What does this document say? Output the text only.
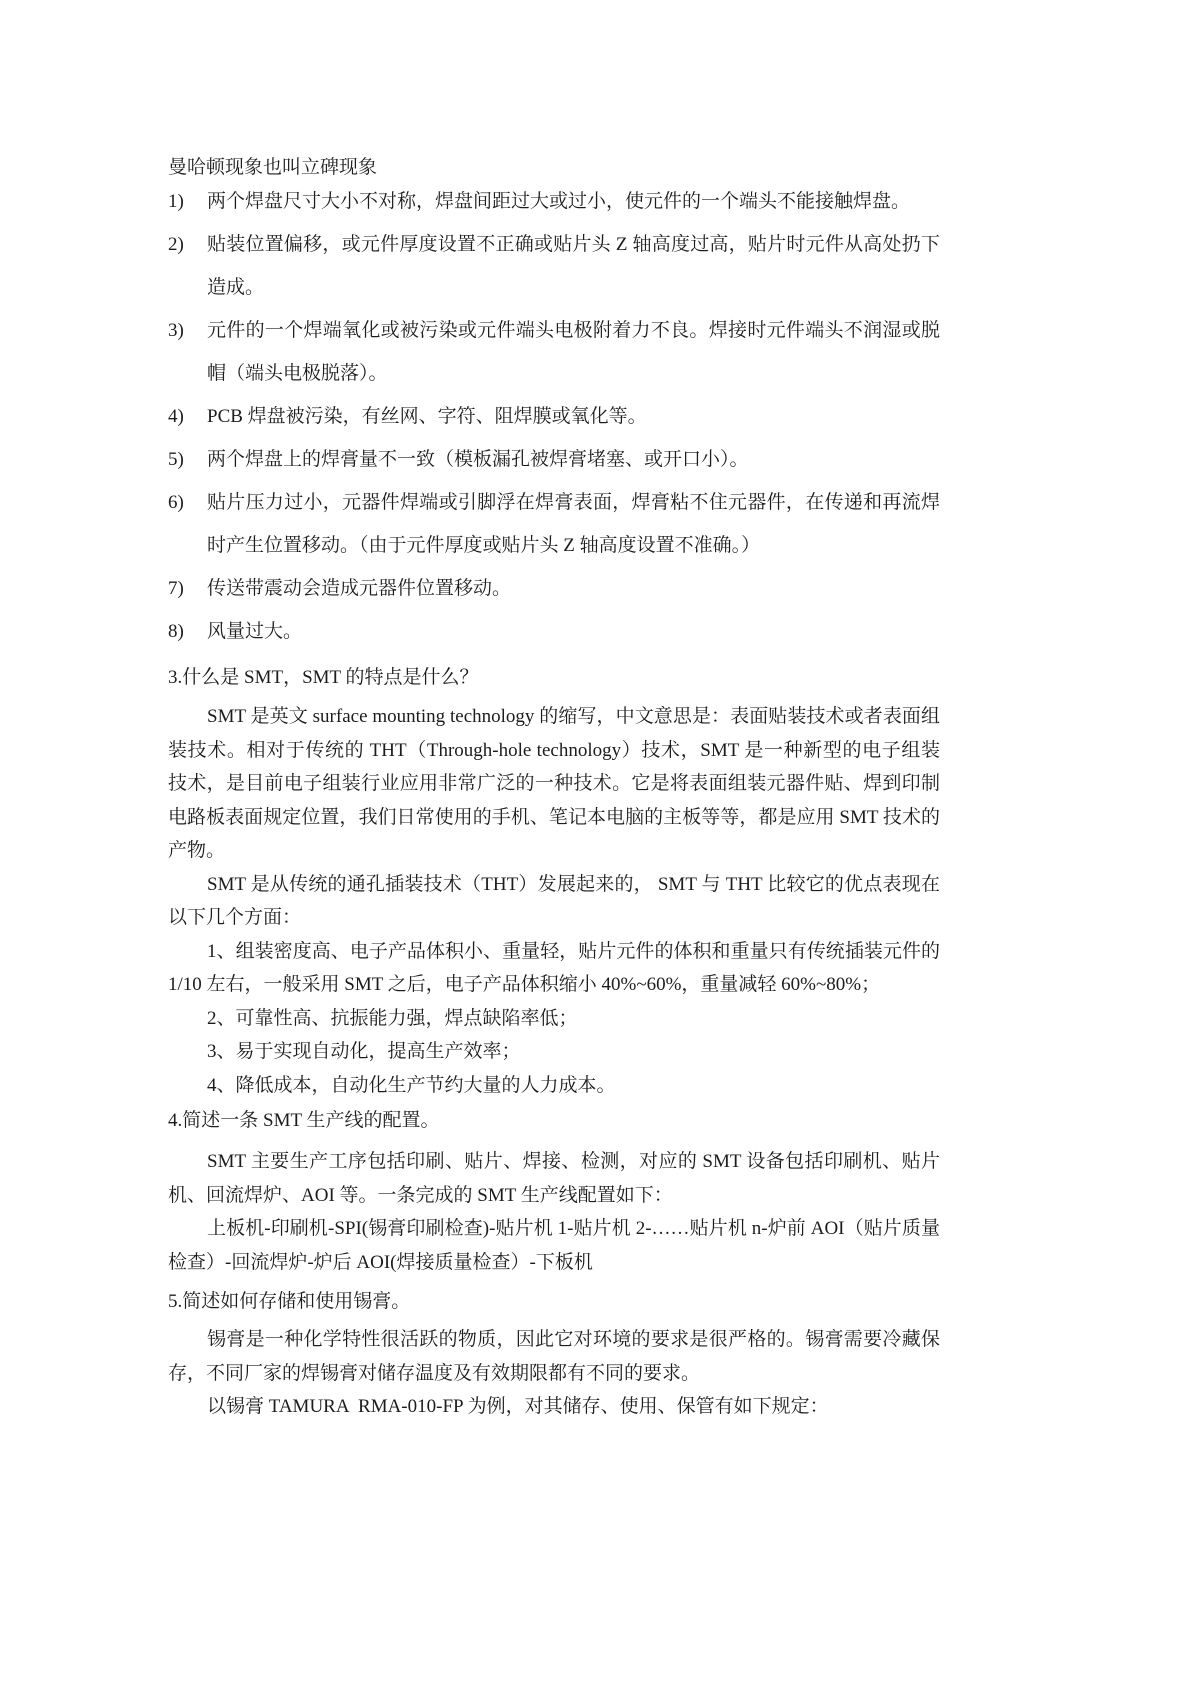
曼哈顿现象也叫立碑现象

1)	两个焊盘尺寸大小不对称，焊盘间距过大或过小，使元件的一个端头不能接触焊盘。
2)	贴装位置偏移，或元件厚度设置不正确或贴片头 Z 轴高度过高，贴片时元件从高处扔下造成。
3)	元件的一个焊端氧化或被污染或元件端头电极附着力不良。焊接时元件端头不润湿或脱帽（端头电极脱落）。
4)	PCB 焊盘被污染，有丝网、字符、阻焊膜或氧化等。
5)	两个焊盘上的焊膏量不一致（模板漏孔被焊膏堵塞、或开口小）。
6)	贴片压力过小，元器件焊端或引脚浮在焊膏表面，焊膏粘不住元器件，在传递和再流焊时产生位置移动。（由于元件厚度或贴片头 Z 轴高度设置不准确。）
7)	传送带震动会造成元器件位置移动。
8)	风量过大。
3.什么是 SMT，SMT 的特点是什么？

SMT 是英文 surface mounting technology 的缩写，中文意思是：表面贴装技术或者表面组装技术。相对于传统的 THT（Through-hole technology）技术，SMT 是一种新型的电子组装技术，是目前电子组装行业应用非常广泛的一种技术。它是将表面组装元器件贴、焊到印制电路板表面规定位置，我们日常使用的手机、笔记本电脑的主板等等，都是应用 SMT 技术的产物。

SMT 是从传统的通孔插装技术（THT）发展起来的， SMT 与 THT 比较它的优点表现在以下几个方面：

1、组装密度高、电子产品体积小、重量轻，贴片元件的体积和重量只有传统插装元件的 1/10 左右，一般采用 SMT 之后，电子产品体积缩小 40%~60%，重量减轻 60%~80%；

2、可靠性高、抗振能力强，焊点缺陷率低；

3、易于实现自动化，提高生产效率；

4、降低成本，自动化生产节约大量的人力成本。

4.简述一条 SMT 生产线的配置。

SMT 主要生产工序包括印刷、贴片、焊接、检测，对应的 SMT 设备包括印刷机、贴片机、回流焊炉、AOI 等。一条完成的 SMT 生产线配置如下：

上板机-印刷机-SPI(锡膏印刷检查)-贴片机 1-贴片机 2-……贴片机 n-炉前 AOI（贴片质量检查）-回流焊炉-炉后 AOI(焊接质量检查）-下板机

5.简述如何存储和使用锡膏。

锡膏是一种化学特性很活跃的物质，因此它对环境的要求是很严格的。锡膏需要冷藏保存，不同厂家的焊锡膏对储存温度及有效期限都有不同的要求。

以锡膏 TAMURA  RMA-010-FP 为例，对其储存、使用、保管有如下规定：
